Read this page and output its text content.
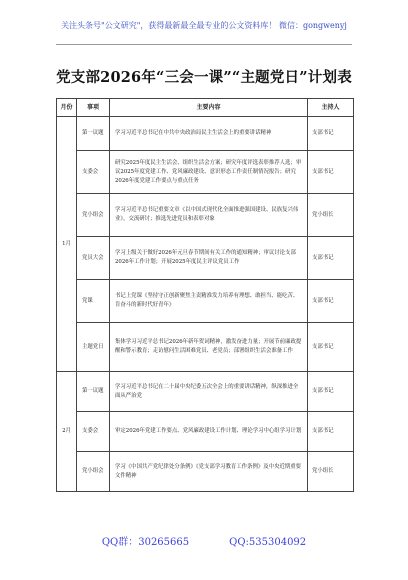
关注头条号"公文研究"，获得最新最全最专业的公文资料库！ 微信：gongwenyj
党支部2026年“三会一课”“主题党日”计划表
月份	事项	主要内容	主持人
1月	第一议题	学习习近平总书记在中共中央政治局民主生活会上的重要讲话精神	支部书记
	支委会	研究2025年度民主生活会、组织生活会方案；研究年度评选表彰推荐人选；审议2025年度党建工作、党风廉政建设、意识形态工作责任制情况报告；研究2026年度党建工作要点与重点任务	支部书记
	党小组会	学习习近平总书记重要文章《以中国式现代化全面推进强国建设、民族复兴伟业》，交流研讨；推选先进党员和表彰对象	党小组长
	党员大会	学习上级关于做好2026年元旦春节期间有关工作的通知精神；审议讨论支部2026年工作计划；开展2025年度民主评议党员工作	支部书记
	党课	书记上党课《坚持守正创新聚焦主责精准发力培养有理想、敢担当、能吃苦、肯奋斗的新时代好青年》	支部书记
	主题党日	集体学习习近平总书记2026年新年贺词精神，激发奋进力量；开展节前廉政提醒和警示教育；走访慰问生活困难党员、老党员；部署组织生活会准备工作	支部书记
2月	第一议题	学习习近平总书记在二十届中央纪委五次全会上的重要讲话精神，纵深推进全面从严治党	支部书记
	支委会	审定2026年党建工作要点、党风廉政建设工作计划、理论学习中心组学习计划	支部书记
	党小组会	学习《中国共产党纪律处分条例》《党支部学习教育工作条例》及中央近期重要文件精神	党小组长
QQ群：30265665	QQ:535304092
